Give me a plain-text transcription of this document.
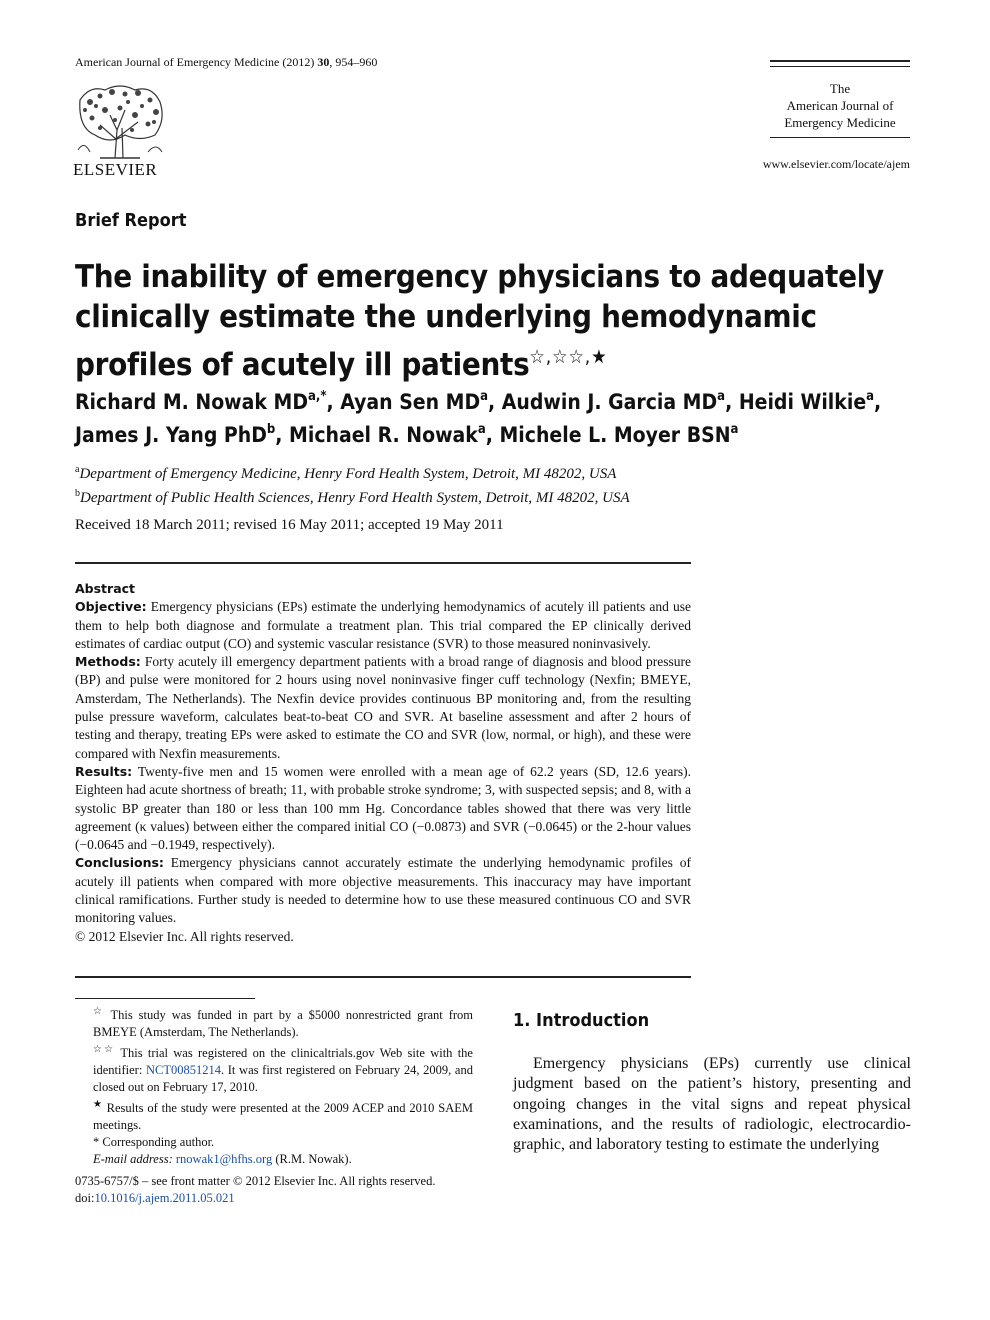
American Journal of Emergency Medicine (2012) 30, 954–960
ELSEVIER
The
American Journal of
Emergency Medicine
www.elsevier.com/locate/ajem
Brief Report
The inability of emergency physicians to adequately clinically estimate the underlying hemodynamic profiles of acutely ill patients☆,☆☆,★
Richard M. Nowak $MD^{a,*}$, Ayan Sen $MD^a$, Audwin J. Garcia $MD^a$, Heidi Wilkie$^a$, James J. Yang PhD$^b$, Michael R. Nowak$^a$, Michele L. Moyer BSN$^a$
$^a$Department of Emergency Medicine, Henry Ford Health System, Detroit, MI 48202, USA
$^b$Department of Public Health Sciences, Henry Ford Health System, Detroit, MI 48202, USA
Received 18 March 2011; revised 16 May 2011; accepted 19 May 2011

Abstract

Objective: Emergency physicians (EPs) estimate the underlying hemodynamics of acutely ill patients and use them to help both diagnose and formulate a treatment plan. This trial compared the EP clinically derived estimates of cardiac output (CO) and systemic vascular resistance (SVR) to those measured noninvasively.

Methods: Forty acutely ill emergency department patients with a broad range of diagnosis and blood pressure (BP) and pulse were monitored for 2 hours using novel noninvasive finger cuff technology (Nexfin; BMEYE, Amsterdam, The Netherlands). The Nexfin device provides continuous BP monitoring and, from the resulting pulse pressure waveform, calculates beat-to-beat CO and SVR. At baseline assessment and after 2 hours of testing and therapy, treating EPs were asked to estimate the CO and SVR (low, normal, or high), and these were compared with Nexfin measurements.

Results: Twenty-five men and 15 women were enrolled with a mean age of 62.2 years (SD, 12.6 years). Eighteen had acute shortness of breath; 11, with probable stroke syndrome; 3, with suspected sepsis; and 8, with a systolic BP greater than 180 or less than 100 mm Hg. Concordance tables showed that there was very little agreement (κ values) between either the compared initial CO (−0.0873) and SVR (−0.0645) or the 2-hour values (−0.0645 and −0.1949, respectively).

Conclusions: Emergency physicians cannot accurately estimate the underlying hemodynamic profiles of acutely ill patients when compared with more objective measurements. This inaccuracy may have important clinical ramifications. Further study is needed to determine how to use these measured continuous CO and SVR monitoring values.

© 2012 Elsevier Inc. All rights reserved.

☆ This study was funded in part by a $5000 nonrestricted grant from BMEYE (Amsterdam, The Netherlands).

☆☆ This trial was registered on the clinicaltrials.gov Web site with the identifier: NCT00851214. It was first registered on February 24, 2009, and closed out on February 17, 2010.

★ Results of the study were presented at the 2009 ACEP and 2010 SAEM meetings.

* Corresponding author.

E-mail address: rnowak1@hfhs.org (R.M. Nowak).

0735-6757/$ – see front matter © 2012 Elsevier Inc. All rights reserved.

doi:10.1016/j.ajem.2011.05.021

1. Introduction
Emergency physicians (EPs) currently use clinical judgment based on the patient’s history, presenting and ongoing changes in the vital signs and repeat physical examinations, and the results of radiologic, electrocardio-graphic, and laboratory testing to estimate the underlying
